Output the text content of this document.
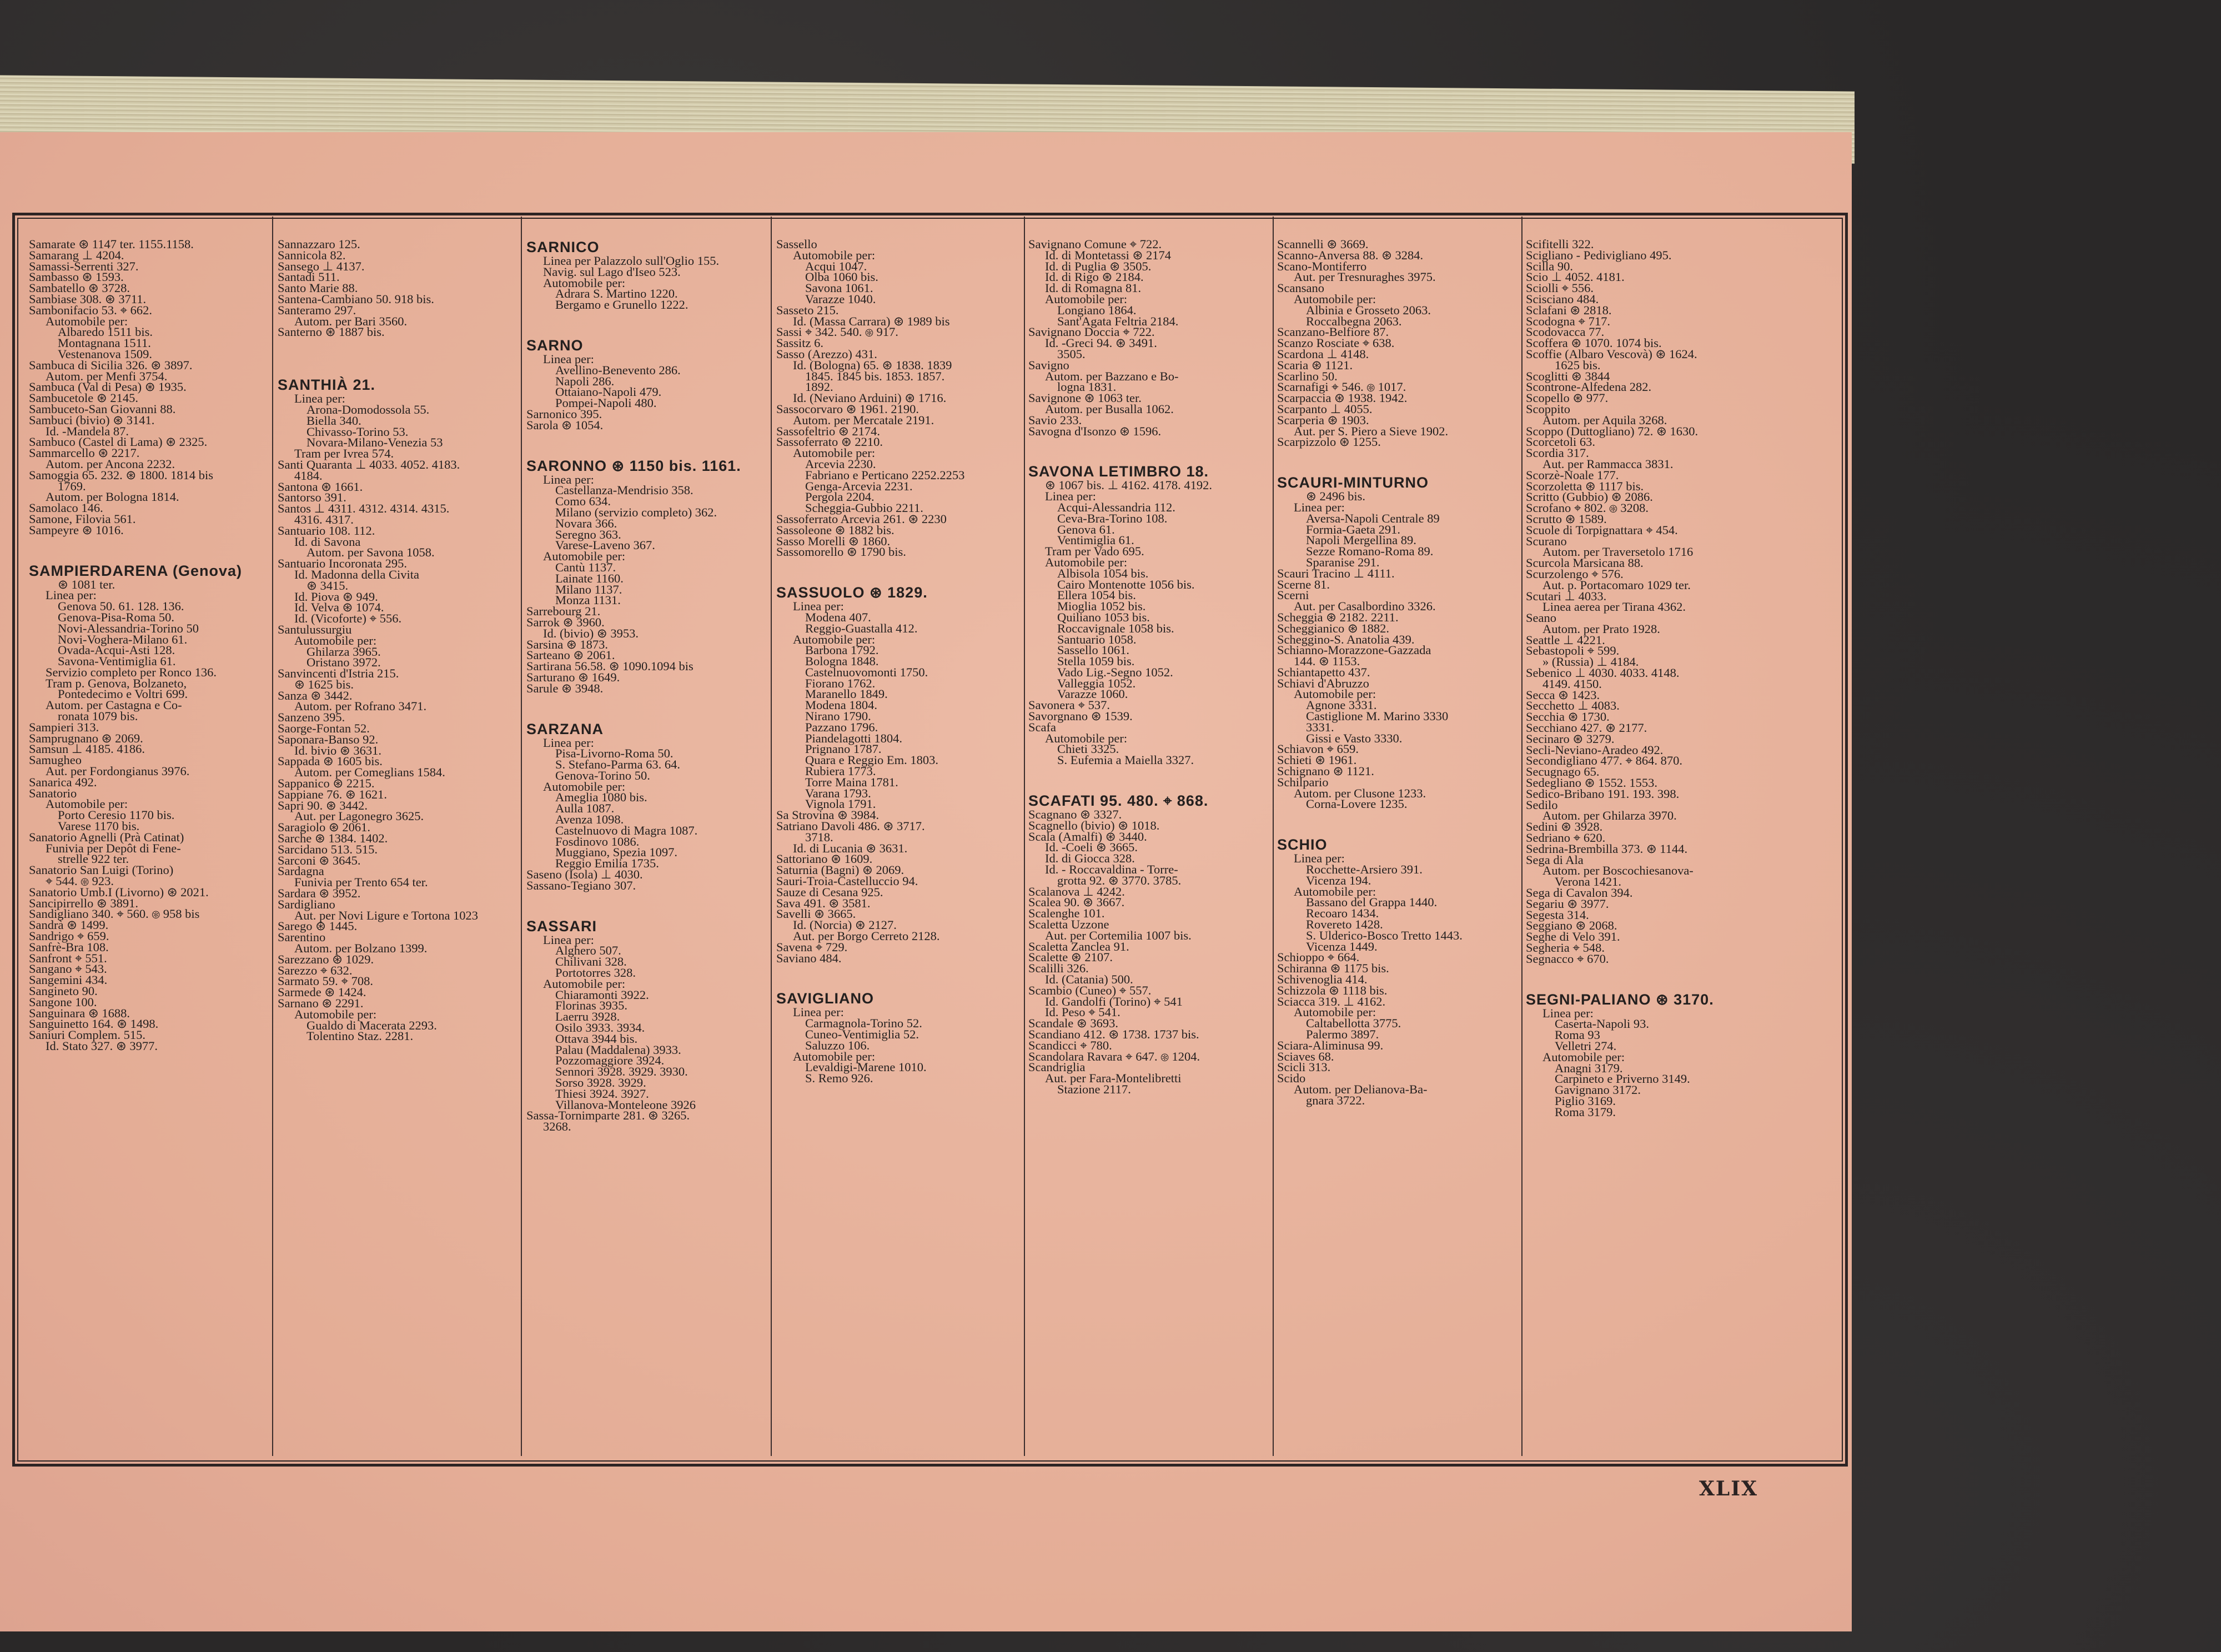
Samarate ⊛ 1147 ter. 1155.1158.

Samarang ⊥ 4204.

Samassi-Serrenti 327.

Sambasso ⊛ 1593.

Sambatello ⊛ 3728.

Sambiase 308. ⊛ 3711.

Sambonifacio 53. ⌖ 662.

Automobile per:

Albaredo 1511 bis.

Montagnana 1511.

Vestenanova 1509.

Sambuca di Sicilia 326. ⊛ 3897.

Autom. per Menfi 3754.

Sambuca (Val di Pesa) ⊛ 1935.

Sambucetole ⊛ 2145.

Sambuceto-San Giovanni 88.

Sambuci (bivio) ⊛ 3141.

Id. -Mandela 87.

Sambuco (Castel di Lama) ⊛ 2325.

Sammarcello ⊛ 2217.

Autom. per Ancona 2232.

Samoggia 65. 232. ⊛ 1800. 1814 bis

1769.

Autom. per Bologna 1814.

Samolaco 146.

Samone, Filovia 561.

Sampeyre ⊛ 1016.

SAMPIERDARENA (Genova)

⊛ 1081 ter.

Linea per:

Genova 50. 61. 128. 136.

Genova-Pisa-Roma 50.

Novi-Alessandria-Torino 50

Novi-Voghera-Milano 61.

Ovada-Acqui-Asti 128.

Savona-Ventimiglia 61.

Servizio completo per Ronco 136.

Tram p. Genova, Bolzaneto,

Pontedecimo e Voltri 699.

Autom. per Castagna e Co-

ronata 1079 bis.

Sampieri 313.

Samprugnano ⊛ 2069.

Samsun ⊥ 4185. 4186.

Samugheo

Aut. per Fordongianus 3976.

Sanarica 492.

Sanatorio

Automobile per:

Porto Ceresio 1170 bis.

Varese 1170 bis.

Sanatorio Agnelli (Prà Catinat)

Funivia per Depôt di Fene-

strelle 922 ter.

Sanatorio San Luigi (Torino)

⌖ 544. ⊛ 923.

Sanatorio Umb.I (Livorno) ⊛ 2021.

Sancipirrello ⊛ 3891.

Sandigliano 340. ⌖ 560. ⊛ 958 bis

Sandrà ⊛ 1499.

Sandrigo ⌖ 659.

Sanfrè-Bra 108.

Sanfront ⌖ 551.

Sangano ⌖ 543.

Sangemini 434.

Sangineto 90.

Sangone 100.

Sanguinara ⊛ 1688.

Sanguinetto 164. ⊛ 1498.

Saniuri Complem. 515.

Id. Stato 327. ⊛ 3977.

Sannazzaro 125.

Sannicola 82.

Sansego ⊥ 4137.

Santadi 511.

Santo Marie 88.

Santena-Cambiano 50. 918 bis.

Santeramo 297.

Autom. per Bari 3560.

Santerno ⊛ 1887 bis.

SANTHIÀ 21.

Linea per:

Arona-Domodossola 55.

Biella 340.

Chivasso-Torino 53.

Novara-Milano-Venezia 53

Tram per Ivrea 574.

Santi Quaranta ⊥ 4033. 4052. 4183.

4184.

Santona ⊛ 1661.

Santorso 391.

Santos ⊥ 4311. 4312. 4314. 4315.

4316. 4317.

Santuario 108. 112.

Id. di Savona

Autom. per Savona 1058.

Santuario Incoronata 295.

Id. Madonna della Civita

⊛ 3415.

Id. Piova ⊛ 949.

Id. Velva ⊛ 1074.

Id. (Vicoforte) ⌖ 556.

Santulussurgiu

Automobile per:

Ghilarza 3965.

Oristano 3972.

Sanvincenti d'Istria 215.

⊛ 1625 bis.

Sanza ⊛ 3442.

Autom. per Rofrano 3471.

Sanzeno 395.

Saorge-Fontan 52.

Saponara-Banso 92.

Id. bivio ⊛ 3631.

Sappada ⊛ 1605 bis.

Autom. per Comeglians 1584.

Sappanico ⊛ 2215.

Sappiane 76. ⊛ 1621.

Sapri 90. ⊛ 3442.

Aut. per Lagonegro 3625.

Saragiolo ⊛ 2061.

Sarche ⊛ 1384. 1402.

Sarcidano 513. 515.

Sarconi ⊛ 3645.

Sardagna

Funivia per Trento 654 ter.

Sardara ⊛ 3952.

Sardigliano

Aut. per Novi Ligure e Tortona 1023

Sarego ⊛ 1445.

Sarentino

Autom. per Bolzano 1399.

Sarezzano ⊛ 1029.

Sarezzo ⌖ 632.

Sarmato 59. ⌖ 708.

Sarmede ⊛ 1424.

Sarnano ⊛ 2291.

Automobile per:

Gualdo di Macerata 2293.

Tolentino Staz. 2281.

SARNICO

Linea per Palazzolo sull'Oglio 155.

Navig. sul Lago d'Iseo 523.

Automobile per:

Adrara S. Martino 1220.

Bergamo e Grunello 1222.

SARNO

Linea per:

Avellino-Benevento 286.

Napoli 286.

Ottaiano-Napoli 479.

Pompei-Napoli 480.

Sarnonico 395.

Sarola ⊛ 1054.

SARONNO ⊛ 1150 bis. 1161.

Linea per:

Castellanza-Mendrisio 358.

Como 634.

Milano (servizio completo) 362.

Novara 366.

Seregno 363.

Varese-Laveno 367.

Automobile per:

Cantù 1137.

Lainate 1160.

Milano 1137.

Monza 1131.

Sarrebourg 21.

Sarrok ⊛ 3960.

Id. (bivio) ⊛ 3953.

Sarsina ⊛ 1873.

Sarteano ⊛ 2061.

Sartirana 56.58. ⊛ 1090.1094 bis

Sarturano ⊛ 1649.

Sarule ⊛ 3948.

SARZANA

Linea per:

Pisa-Livorno-Roma 50.

S. Stefano-Parma 63. 64.

Genova-Torino 50.

Automobile per:

Ameglia 1080 bis.

Aulla 1087.

Avenza 1098.

Castelnuovo di Magra 1087.

Fosdinovo 1086.

Muggiano, Spezia 1097.

Reggio Emilia 1735.

Saseno (Isola) ⊥ 4030.

Sassano-Tegiano 307.

SASSARI

Linea per:

Alghero 507.

Chilivani 328.

Portotorres 328.

Automobile per:

Chiaramonti 3922.

Florinas 3935.

Laerru 3928.

Osilo 3933. 3934.

Ottava 3944 bis.

Palau (Maddalena) 3933.

Pozzomaggiore 3924.

Sennori 3928. 3929. 3930.

Sorso 3928. 3929.

Thiesi 3924. 3927.

Villanova-Monteleone 3926

Sassa-Tornimparte 281. ⊛ 3265.

3268.

Sassello

Automobile per:

Acqui 1047.

Olba 1060 bis.

Savona 1061.

Varazze 1040.

Sasseto 215.

Id. (Massa Carrara) ⊛ 1989 bis

Sassi ⌖ 342. 540. ⊛ 917.

Sassitz 6.

Sasso (Arezzo) 431.

Id. (Bologna) 65. ⊛ 1838. 1839

1845. 1845 bis. 1853. 1857.

1892.

Id. (Neviano Arduini) ⊛ 1716.

Sassocorvaro ⊛ 1961. 2190.

Autom. per Mercatale 2191.

Sassofeltrio ⊛ 2174.

Sassoferrato ⊛ 2210.

Automobile per:

Arcevia 2230.

Fabriano e Perticano 2252.2253

Genga-Arcevia 2231.

Pergola 2204.

Scheggia-Gubbio 2211.

Sassoferrato Arcevia 261. ⊛ 2230

Sassoleone ⊛ 1882 bis.

Sasso Morelli ⊛ 1860.

Sassomorello ⊛ 1790 bis.

SASSUOLO ⊛ 1829.

Linea per:

Modena 407.

Reggio-Guastalla 412.

Automobile per:

Barbona 1792.

Bologna 1848.

Castelnuovomonti 1750.

Fiorano 1762.

Maranello 1849.

Modena 1804.

Nirano 1790.

Pazzano 1796.

Piandelagotti 1804.

Prignano 1787.

Quara e Reggio Em. 1803.

Rubiera 1773.

Torre Maina 1781.

Varana 1793.

Vignola 1791.

Sa Strovina ⊛ 3984.

Satriano Davoli 486. ⊛ 3717.

3718.

Id. di Lucania ⊛ 3631.

Sattoriano ⊛ 1609.

Saturnia (Bagni) ⊛ 2069.

Sauri-Troia-Castelluccio 94.

Sauze di Cesana 925.

Sava 491. ⊛ 3581.

Savelli ⊛ 3665.

Id. (Norcia) ⊛ 2127.

Aut. per Borgo Cerreto 2128.

Savena ⌖ 729.

Saviano 484.

SAVIGLIANO

Linea per:

Carmagnola-Torino 52.

Cuneo-Ventimiglia 52.

Saluzzo 106.

Automobile per:

Levaldigi-Marene 1010.

S. Remo 926.

Savignano Comune ⌖ 722.

Id. di Montetassi ⊛ 2174

Id. di Puglia ⊛ 3505.

Id. di Rigo ⊛ 2184.

Id. di Romagna 81.

Automobile per:

Longiano 1864.

Sant'Agata Feltria 2184.

Savignano Doccia ⌖ 722.

Id. -Greci 94. ⊛ 3491.

3505.

Savigno

Autom. per Bazzano e Bo-

logna 1831.

Savignone ⊛ 1063 ter.

Autom. per Busalla 1062.

Savio 233.

Savogna d'Isonzo ⊛ 1596.

SAVONA LETIMBRO 18.

⊛ 1067 bis. ⊥ 4162. 4178. 4192.

Linea per:

Acqui-Alessandria 112.

Ceva-Bra-Torino 108.

Genova 61.

Ventimiglia 61.

Tram per Vado 695.

Automobile per:

Albisola 1054 bis.

Cairo Montenotte 1056 bis.

Ellera 1054 bis.

Mioglia 1052 bis.

Quiliano 1053 bis.

Roccavignale 1058 bis.

Santuario 1058.

Sassello 1061.

Stella 1059 bis.

Vado Lig.-Segno 1052.

Valleggia 1052.

Varazze 1060.

Savonera ⌖ 537.

Savorgnano ⊛ 1539.

Scafa

Automobile per:

Chieti 3325.

S. Eufemia a Maiella 3327.

SCAFATI 95. 480. ⌖ 868.

Scagnano ⊛ 3327.

Scagnello (bivio) ⊛ 1018.

Scala (Amalfi) ⊛ 3440.

Id. -Coeli ⊛ 3665.

Id. di Giocca 328.

Id. - Roccavaldina - Torre-

grotta 92. ⊛ 3770. 3785.

Scalanova ⊥ 4242.

Scalea 90. ⊛ 3667.

Scalenghe 101.

Scaletta Uzzone

Aut. per Cortemilia 1007 bis.

Scaletta Zanclea 91.

Scalette ⊛ 2107.

Scalilli 326.

Id. (Catania) 500.

Scambio (Cuneo) ⌖ 557.

Id. Gandolfi (Torino) ⌖ 541

Id. Peso ⌖ 541.

Scandale ⊛ 3693.

Scandiano 412. ⊛ 1738. 1737 bis.

Scandicci ⌖ 780.

Scandolara Ravara ⌖ 647. ⊛ 1204.

Scandriglia

Aut. per Fara-Montelibretti

Stazione 2117.

Scannelli ⊛ 3669.

Scanno-Anversa 88. ⊛ 3284.

Scano-Montiferro

Aut. per Tresnuraghes 3975.

Scansano

Automobile per:

Albinia e Grosseto 2063.

Roccalbegna 2063.

Scanzano-Belfiore 87.

Scanzo Rosciate ⌖ 638.

Scardona ⊥ 4148.

Scaria ⊛ 1121.

Scarlino 50.

Scarnafigi ⌖ 546. ⊛ 1017.

Scarpaccia ⊛ 1938. 1942.

Scarpanto ⊥ 4055.

Scarperia ⊛ 1903.

Aut. per S. Piero a Sieve 1902.

Scarpizzolo ⊛ 1255.

SCAURI-MINTURNO

⊛ 2496 bis.

Linea per:

Aversa-Napoli Centrale 89

Formia-Gaeta 291.

Napoli Mergellina 89.

Sezze Romano-Roma 89.

Sparanise 291.

Scauri Tracino ⊥ 4111.

Scerne 81.

Scerni

Aut. per Casalbordino 3326.

Scheggia ⊛ 2182. 2211.

Scheggianico ⊛ 1882.

Scheggino-S. Anatolia 439.

Schianno-Morazzone-Gazzada

144. ⊛ 1153.

Schiantapetto 437.

Schiavi d'Abruzzo

Automobile per:

Agnone 3331.

Castiglione M. Marino 3330

3331.

Gissi e Vasto 3330.

Schiavon ⌖ 659.

Schieti ⊛ 1961.

Schignano ⊛ 1121.

Schilpario

Autom. per Clusone 1233.

Corna-Lovere 1235.

SCHIO

Linea per:

Rocchette-Arsiero 391.

Vicenza 194.

Automobile per:

Bassano del Grappa 1440.

Recoaro 1434.

Rovereto 1428.

S. Ulderico-Bosco Tretto 1443.

Vicenza 1449.

Schioppo ⌖ 664.

Schiranna ⊛ 1175 bis.

Schivenoglia 414.

Schizzola ⊛ 1118 bis.

Sciacca 319. ⊥ 4162.

Automobile per:

Caltabellotta 3775.

Palermo 3897.

Sciara-Aliminusa 99.

Sciaves 68.

Scicli 313.

Scido

Autom. per Delianova-Ba-

gnara 3722.

Scifitelli 322.

Scigliano - Pedivigliano 495.

Scilla 90.

Scio ⊥ 4052. 4181.

Sciolli ⌖ 556.

Scisciano 484.

Sclafani ⊛ 2818.

Scodogna ⌖ 717.

Scodovacca 77.

Scoffera ⊛ 1070. 1074 bis.

Scoffie (Albaro Vescovà) ⊛ 1624.

1625 bis.

Scoglitti ⊛ 3844

Scontrone-Alfedena 282.

Scopello ⊛ 977.

Scoppito

Autom. per Aquila 3268.

Scoppo (Duttogliano) 72. ⊛ 1630.

Scorcetoli 63.

Scordia 317.

Aut. per Rammacca 3831.

Scorzè-Noale 177.

Scorzoletta ⊛ 1117 bis.

Scritto (Gubbio) ⊛ 2086.

Scrofano ⌖ 802. ⊛ 3208.

Scrutto ⊛ 1589.

Scuole di Torpignattara ⌖ 454.

Scurano

Autom. per Traversetolo 1716

Scurcola Marsicana 88.

Scurzolengo ⌖ 576.

Aut. p. Portacomaro 1029 ter.

Scutari ⊥ 4033.

Linea aerea per Tirana 4362.

Seano

Autom. per Prato 1928.

Seattle ⊥ 4221.

Sebastopoli ⌖ 599.

» (Russia) ⊥ 4184.

Sebenico ⊥ 4030. 4033. 4148.

4149. 4150.

Secca ⊛ 1423.

Secchetto ⊥ 4083.

Secchia ⊛ 1730.

Secchiano 427. ⊛ 2177.

Secinaro ⊛ 3279.

Secli-Neviano-Aradeo 492.

Secondigliano 477. ⌖ 864. 870.

Secugnago 65.

Sedegliano ⊛ 1552. 1553.

Sedico-Bribano 191. 193. 398.

Sedilo

Autom. per Ghilarza 3970.

Sedini ⊛ 3928.

Sedriano ⌖ 620.

Sedrina-Brembilla 373. ⊛ 1144.

Sega di Ala

Autom. per Boscochiesanova-

Verona 1421.

Sega di Cavalon 394.

Segariu ⊛ 3977.

Segesta 314.

Seggiano ⊛ 2068.

Seghe di Velo 391.

Segheria ⌖ 548.

Segnacco ⌖ 670.

SEGNI-PALIANO ⊛ 3170.

Linea per:

Caserta-Napoli 93.

Roma 93

Velletri 274.

Automobile per:

Anagni 3179.

Carpineto e Priverno 3149.

Gavignano 3172.

Piglio 3169.

Roma 3179.

XLIX
